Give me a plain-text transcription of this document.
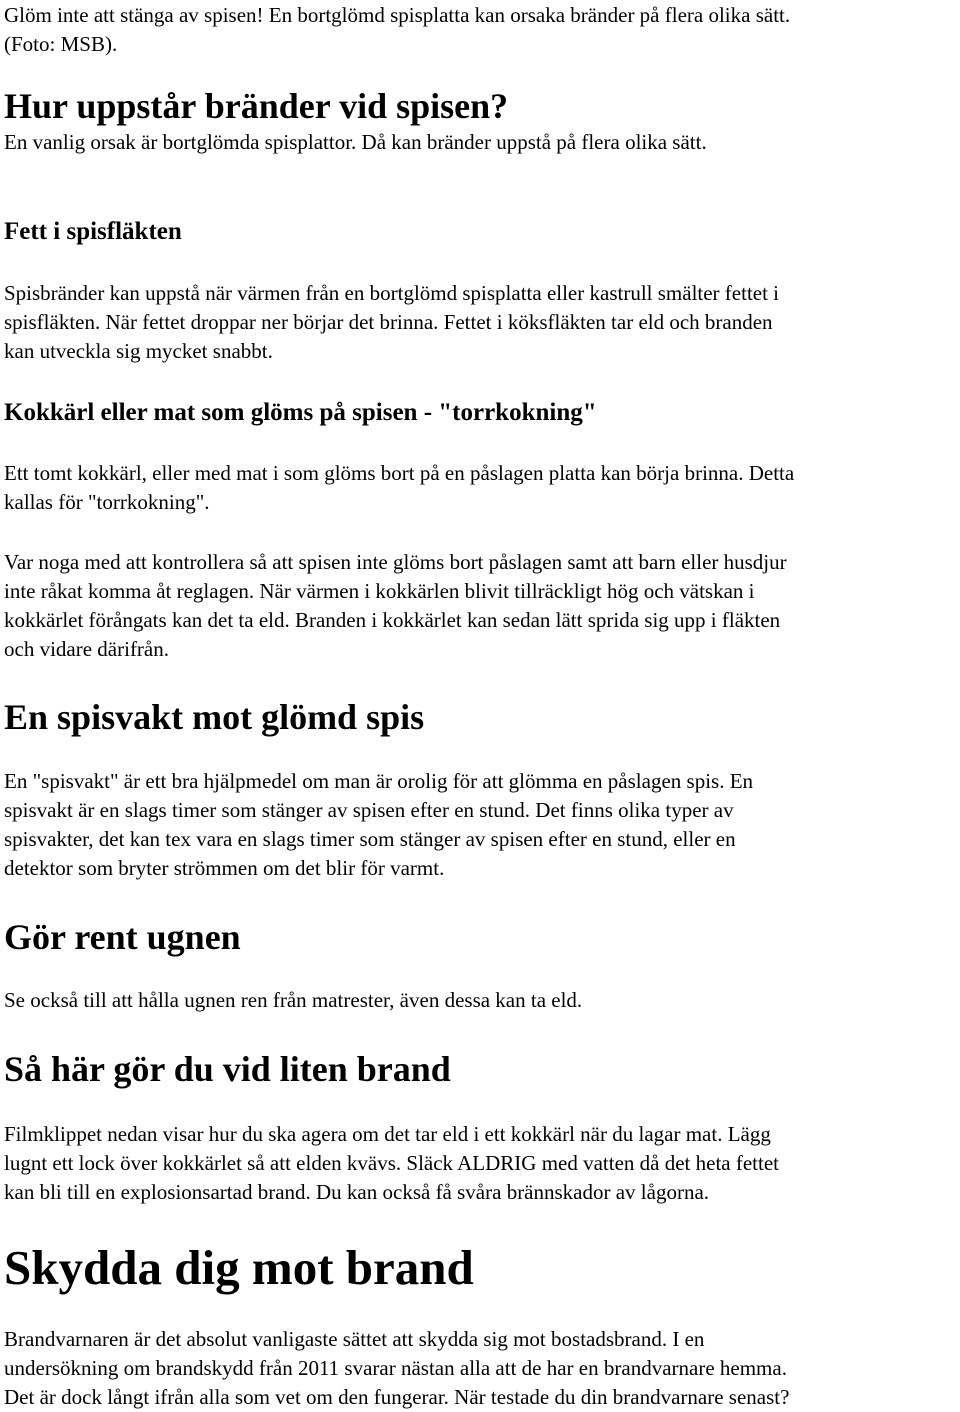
Glöm inte att stänga av spisen! En bortglömd spisplatta kan orsaka bränder på flera olika sätt.
(Foto: MSB).

Hur uppstår bränder vid spisen?

En vanlig orsak är bortglömda spisplattor. Då kan bränder uppstå på flera olika sätt.

Fett i spisfläkten

Spisbränder kan uppstå när värmen från en bortglömd spisplatta eller kastrull smälter fettet i
spisfläkten. När fettet droppar ner börjar det brinna. Fettet i köksfläkten tar eld och branden
kan utveckla sig mycket snabbt.

Kokkärl eller mat som glöms på spisen - "torrkokning"

Ett tomt kokkärl, eller med mat i som glöms bort på en påslagen platta kan börja brinna. Detta
kallas för "torrkokning".

Var noga med att kontrollera så att spisen inte glöms bort påslagen samt att barn eller husdjur
inte råkat komma åt reglagen. När värmen i kokkärlen blivit tillräckligt hög och vätskan i
kokkärlet förångats kan det ta eld. Branden i kokkärlet kan sedan lätt sprida sig upp i fläkten
och vidare därifrån.

En spisvakt mot glömd spis

En "spisvakt" är ett bra hjälpmedel om man är orolig för att glömma en påslagen spis. En
spisvakt är en slags timer som stänger av spisen efter en stund. Det finns olika typer av
spisvakter, det kan tex vara en slags timer som stänger av spisen efter en stund, eller en
detektor som bryter strömmen om det blir för varmt.

Gör rent ugnen

Se också till att hålla ugnen ren från matrester, även dessa kan ta eld.

Så här gör du vid liten brand

Filmklippet nedan visar hur du ska agera om det tar eld i ett kokkärl när du lagar mat. Lägg
lugnt ett lock över kokkärlet så att elden kvävs. Släck ALDRIG med vatten då det heta fettet
kan bli till en explosionsartad brand. Du kan också få svåra brännskador av lågorna.

Skydda dig mot brand

Brandvarnaren är det absolut vanligaste sättet att skydda sig mot bostadsbrand. I en
undersökning om brandskydd från 2011 svarar nästan alla att de har en brandvarnare hemma.
Det är dock långt ifrån alla som vet om den fungerar. När testade du din brandvarnare senast?
